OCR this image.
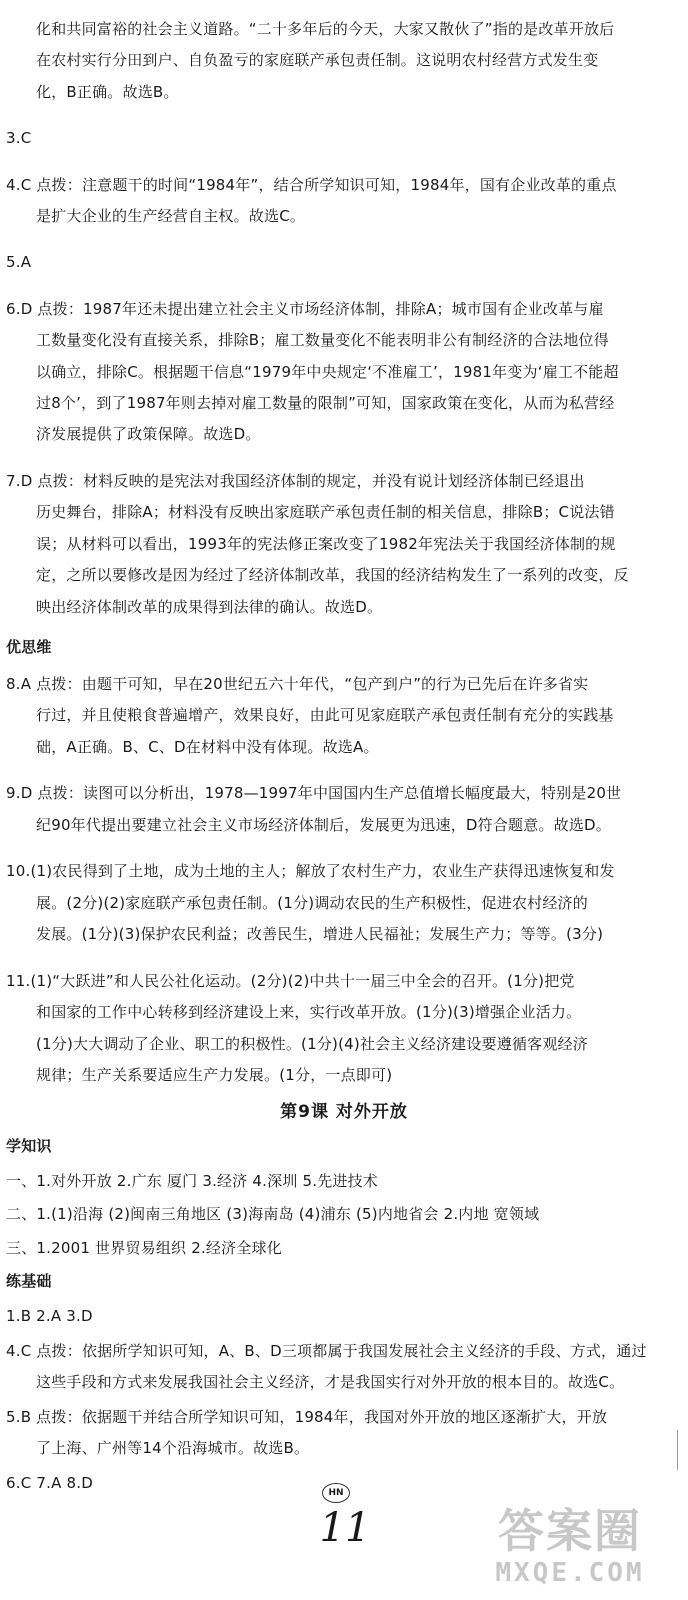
化和共同富裕的社会主义道路。“二十多年后的今天，大家又散伙了”指的是改革开放后
在农村实行分田到户、自负盈亏的家庭联产承包责任制。这说明农村经营方式发生变
化，B正确。故选B。
3.C
4.C 点拨：注意题干的时间“1984年”，结合所学知识可知，1984年，国有企业改革的重点
是扩大企业的生产经营自主权。故选C。
5.A
6.D 点拨：1987年还未提出建立社会主义市场经济体制，排除A；城市国有企业改革与雇
工数量变化没有直接关系，排除B；雇工数量变化不能表明非公有制经济的合法地位得
以确立，排除C。根据题干信息“1979年中央规定‘不准雇工’，1981年变为‘雇工不能超
过8个’，到了1987年则去掉对雇工数量的限制”可知，国家政策在变化，从而为私营经
济发展提供了政策保障。故选D。
7.D 点拨：材料反映的是宪法对我国经济体制的规定，并没有说计划经济体制已经退出
历史舞台，排除A；材料没有反映出家庭联产承包责任制的相关信息，排除B；C说法错
误；从材料可以看出，1993年的宪法修正案改变了1982年宪法关于我国经济体制的规
定，之所以要修改是因为经过了经济体制改革，我国的经济结构发生了一系列的改变，反
映出经济体制改革的成果得到法律的确认。故选D。
优思维
8.A 点拨：由题干可知，早在20世纪五六十年代，“包产到户”的行为已先后在许多省实
行过，并且使粮食普遍增产，效果良好，由此可见家庭联产承包责任制有充分的实践基
础，A正确。B、C、D在材料中没有体现。故选A。
9.D 点拨：读图可以分析出，1978—1997年中国国内生产总值增长幅度最大，特别是20世
纪90年代提出要建立社会主义市场经济体制后，发展更为迅速，D符合题意。故选D。
10.(1)农民得到了土地，成为土地的主人；解放了农村生产力，农业生产获得迅速恢复和发
展。(2分)(2)家庭联产承包责任制。(1分)调动农民的生产积极性，促进农村经济的
发展。(1分)(3)保护农民利益；改善民生，增进人民福祉；发展生产力；等等。(3分)
11.(1)“大跃进”和人民公社化运动。(2分)(2)中共十一届三中全会的召开。(1分)把党
和国家的工作中心转移到经济建设上来，实行改革开放。(1分)(3)增强企业活力。
(1分)大大调动了企业、职工的积极性。(1分)(4)社会主义经济建设要遵循客观经济
规律；生产关系要适应生产力发展。(1分，一点即可)
第9课 对外开放
学知识
一、1.对外开放 2.广东 厦门 3.经济 4.深圳 5.先进技术
二、1.(1)沿海 (2)闽南三角地区 (3)海南岛 (4)浦东 (5)内地省会 2.内地 宽领域
三、1.2001 世界贸易组织 2.经济全球化
练基础
1.B 2.A 3.D
4.C 点拨：依据所学知识可知，A、B、D三项都属于我国发展社会主义经济的手段、方式，通过
这些手段和方式来发展我国社会主义经济，才是我国实行对外开放的根本目的。故选C。
5.B 点拨：依据题干并结合所学知识可知，1984年，我国对外开放的地区逐渐扩大，开放
了上海、广州等14个沿海城市。故选B。
6.C 7.A 8.D
HN
11	答案圈
MXQE.COM
